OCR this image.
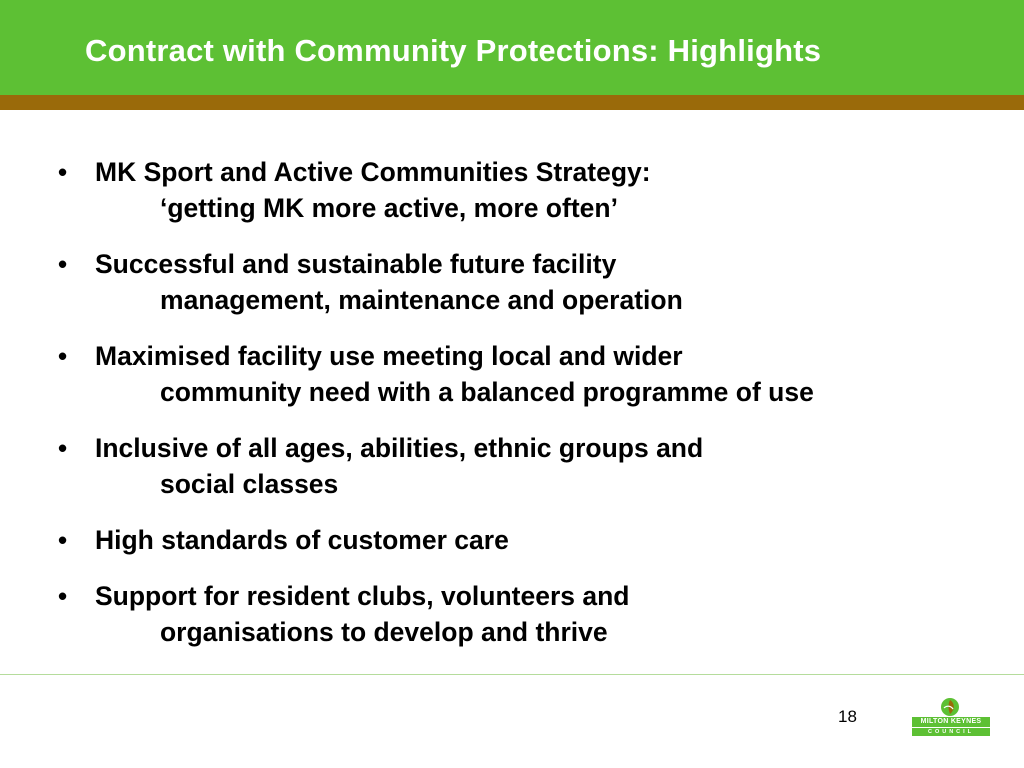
Contract with Community Protections: Highlights
• MK Sport and Active Communities Strategy:
‘getting MK more active, more often’
• Successful and sustainable future facility
management, maintenance and operation
• Maximised facility use meeting local and wider
community need with a balanced programme of use
• Inclusive of all ages, abilities, ethnic groups and
social classes
• High standards of customer care
• Support for resident clubs, volunteers and
organisations to develop and thrive
18	MILTON KEYNES
COUNCIL
